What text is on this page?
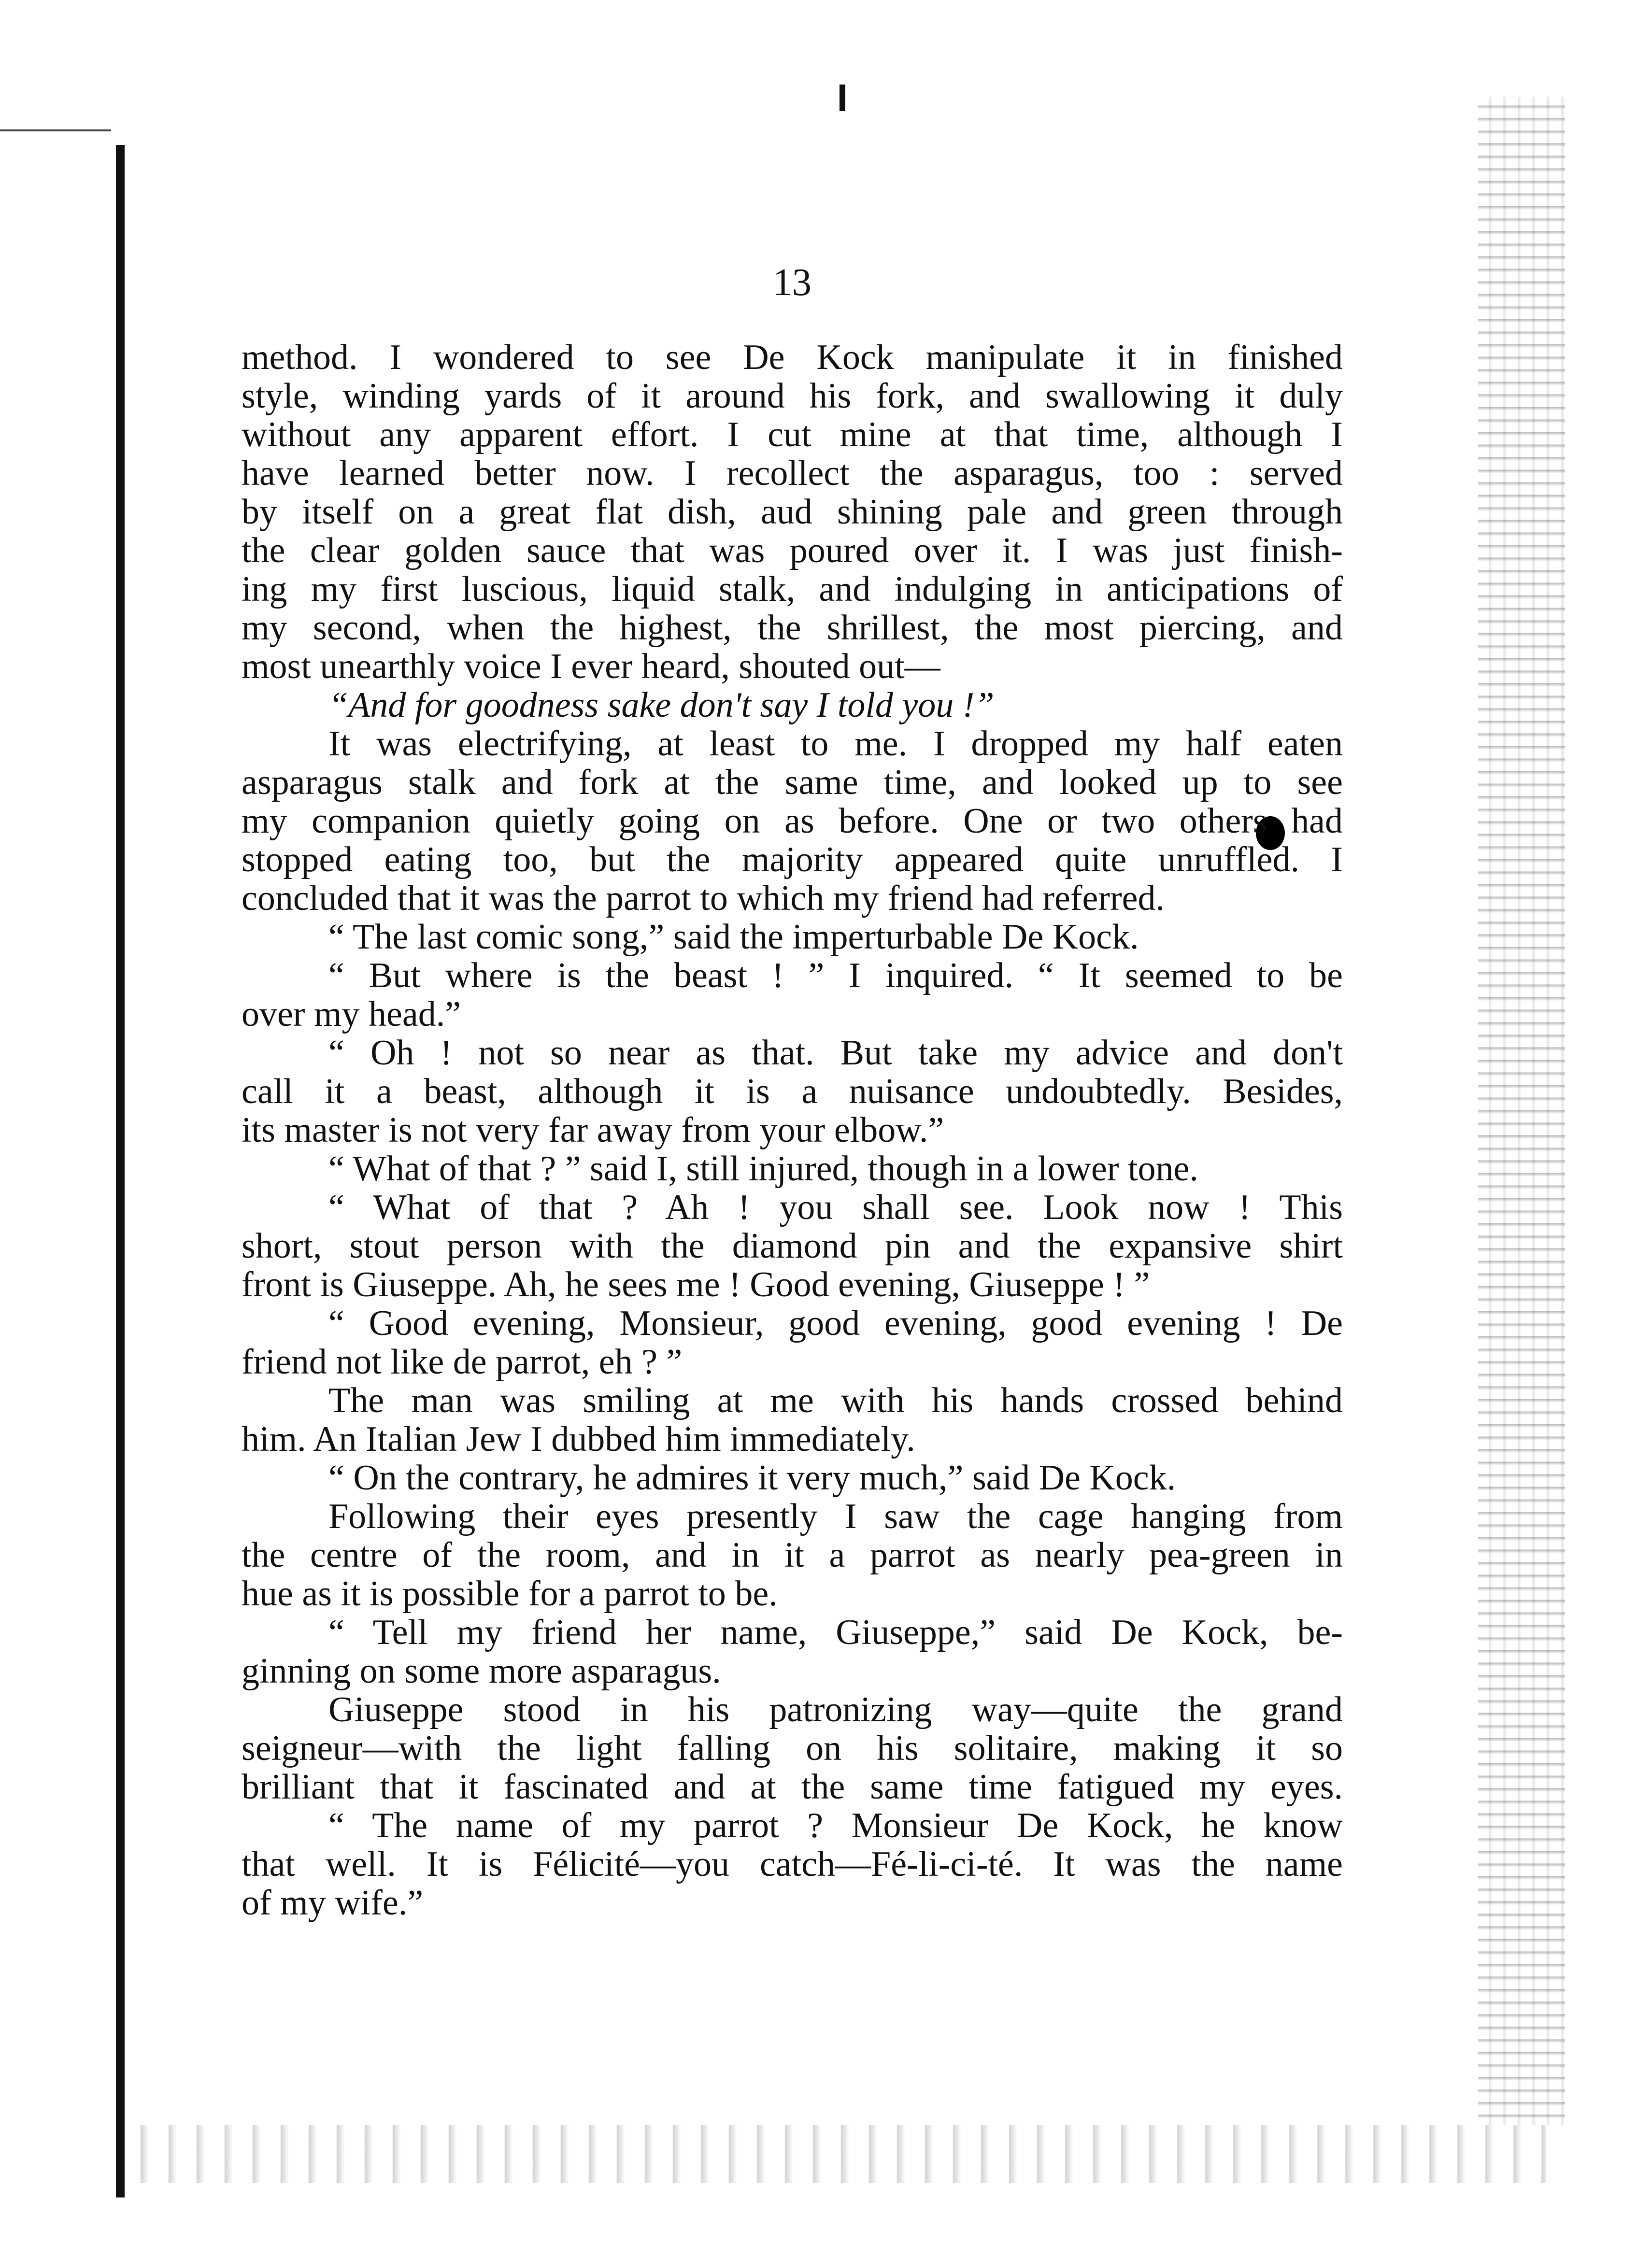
13
method. I wondered to see De Kock manipulate it in finished
style, winding yards of it around his fork, and swallowing it duly
without any apparent effort. I cut mine at that time, although I
have learned better now. I recollect the asparagus, too : served
by itself on a great flat dish, aud shining pale and green through
the clear golden sauce that was poured over it. I was just finish-
ing my first luscious, liquid stalk, and indulging in anticipations of
my second, when the highest, the shrillest, the most piercing, and
most unearthly voice I ever heard, shouted out—
“And for goodness sake don't say I told you !”
It was electrifying, at least to me. I dropped my half eaten
asparagus stalk and fork at the same time, and looked up to see
my companion quietly going on as before. One or two others had
stopped eating too, but the majority appeared quite unruffled. I
concluded that it was the parrot to which my friend had referred.
“ The last comic song,” said the imperturbable De Kock.
“ But where is the beast ! ” I inquired. “ It seemed to be
over my head.”
“ Oh ! not so near as that. But take my advice and don't
call it a beast, although it is a nuisance undoubtedly. Besides,
its master is not very far away from your elbow.”
“ What of that ? ” said I, still injured, though in a lower tone.
“ What of that ? Ah ! you shall see. Look now ! This
short, stout person with the diamond pin and the expansive shirt
front is Giuseppe. Ah, he sees me ! Good evening, Giuseppe ! ”
“ Good evening, Monsieur, good evening, good evening ! De
friend not like de parrot, eh ? ”
The man was smiling at me with his hands crossed behind
him. An Italian Jew I dubbed him immediately.
“ On the contrary, he admires it very much,” said De Kock.
Following their eyes presently I saw the cage hanging from
the centre of the room, and in it a parrot as nearly pea-green in
hue as it is possible for a parrot to be.
“ Tell my friend her name, Giuseppe,” said De Kock, be-
ginning on some more asparagus.
Giuseppe stood in his patronizing way—quite the grand
seigneur—with the light falling on his solitaire, making it so
brilliant that it fascinated and at the same time fatigued my eyes.
“ The name of my parrot ? Monsieur De Kock, he know
that well. It is Félicité—you catch—Fé-li-ci-té. It was the name
of my wife.”
